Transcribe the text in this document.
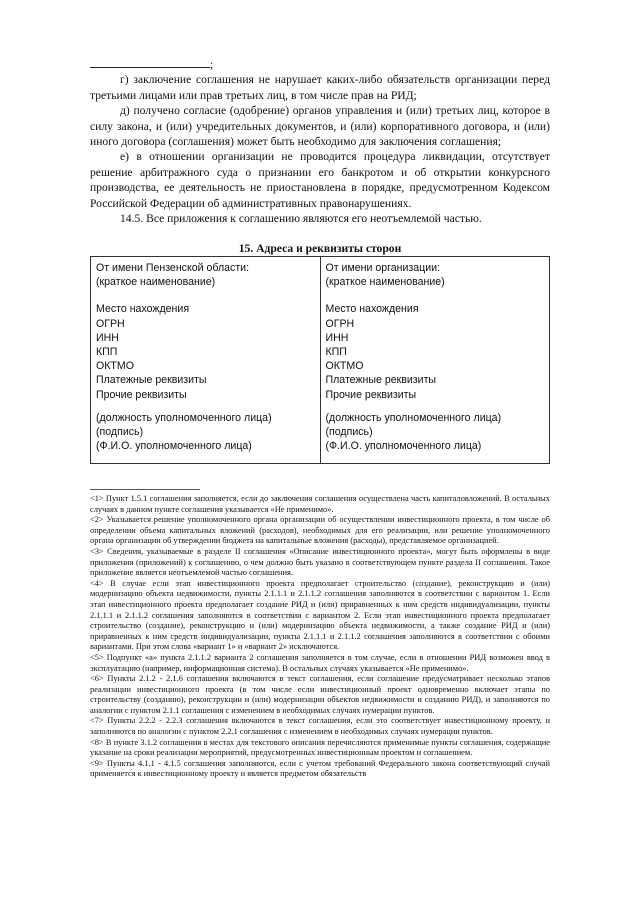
;

г) заключение соглашения не нарушает каких-либо обязательств организации перед третьими лицами или прав третьих лиц, в том числе прав на РИД;

д) получено согласие (одобрение) органов управления и (или) третьих лиц, которое в силу закона, и (или) учредительных документов, и (или) корпоративного договора, и (или) иного договора (соглашения) может быть необходимо для заключения соглашения;

е) в отношении организации не проводится процедура ликвидации, отсутствует решение арбитражного суда о признании его банкротом и об открытии конкурсного производства, ее деятельность не приостановлена в порядке, предусмотренном Кодексом Российской Федерации об административных правонарушениях.

14.5. Все приложения к соглашению являются его неотъемлемой частью.

15. Адреса и реквизиты сторон
От имени Пензенской области:
(краткое наименование)
Место нахождения
ОГРН
ИНН
КПП
ОКТМО
Платежные реквизиты
Прочие реквизиты
(должность уполномоченного лица)
(подпись)
(Ф.И.О. уполномоченного лица)
От имени организации:
(краткое наименование)
Место нахождения
ОГРН
ИНН
КПП
ОКТМО
Платежные реквизиты
Прочие реквизиты
(должность уполномоченного лица)
(подпись)
(Ф.И.О. уполномоченного лица)

<1> Пункт 1.5.1 соглашения заполняется, если до заключения соглашения осуществлена часть капиталовложений. В остальных случаях в данном пункте соглашения указывается «Не применимо».

<2> Указывается решение уполномоченного органа организации об осуществлении инвестиционного проекта, в том числе об определении объема капитальных вложений (расходов), необходимых для его реализации, или решение уполномоченного органа организации об утверждении бюджета на капитальные вложения (расходы), представляемое организацией.

<3> Сведения, указываемые в разделе II соглашения «Описание инвестиционного проекта», могут быть оформлены в виде приложения (приложений) к соглашению, о чем должно быть указано в соответствующем пункте раздела II соглашения. Такое приложение является неотъемлемой частью соглашения.

<4> В случае если этап инвестиционного проекта предполагает строительство (создание), реконструкцию и (или) модернизацию объекта недвижимости, пункты 2.1.1.1 и 2.1.1.2 соглашения заполняются в соответствии с вариантом 1. Если этап инвестиционного проекта предполагает создание РИД и (или) приравненных к ним средств индивидуализации, пункты 2.1.1.1 и 2.1.1.2 соглашения заполняются в соответствии с вариантом 2. Если этап инвестиционного проекта предполагает строительство (создание), реконструкцию и (или) модернизацию объекта недвижимости, а также создание РИД и (или) приравненных к ним средств индивидуализации, пункты 2.1.1.1 и 2.1.1.2 соглашения заполняются в соответствии с обоими вариантами. При этом слова «вариант 1» и «вариант 2» исключаются.

<5> Подпункт «а» пункта 2.1.1.2 варианта 2 соглашения заполняется в том случае, если в отношении РИД возможен ввод в эксплуатацию (например, информационная система). В остальных случаях указывается «Не применимо».

<6> Пункты 2.1.2 - 2.1.6 соглашения включаются в текст соглашения, если соглашение предусматривает несколько этапов реализации инвестиционного проекта (в том числе если инвестиционный проект одновременно включает этапы по строительству (созданию), реконструкции и (или) модернизации объектов недвижимости и созданию РИД), и заполняются по аналогии с пунктом 2.1.1 соглашения с изменением в необходимых случаях нумерации пунктов.

<7> Пункты 2.2.2 - 2.2.3 соглашения включаются в текст соглашения, если это соответствует инвестиционному проекту, и заполняются по аналогии с пунктом 2.2.1 соглашения с изменением в необходимых случаях нумерации пунктов.

<8> В пункте 3.1.2 соглашения в местах для текстового описания перечисляются применимые пункты соглашения, содержащие указание на сроки реализации мероприятий, предусмотренных инвестиционным проектом и соглашением.

<9> Пункты 4.1.1 - 4.1.5 соглашения заполняются, если с учетом требований Федерального закона соответствующий случай применяется к инвестиционному проекту и является предметом обязательств
